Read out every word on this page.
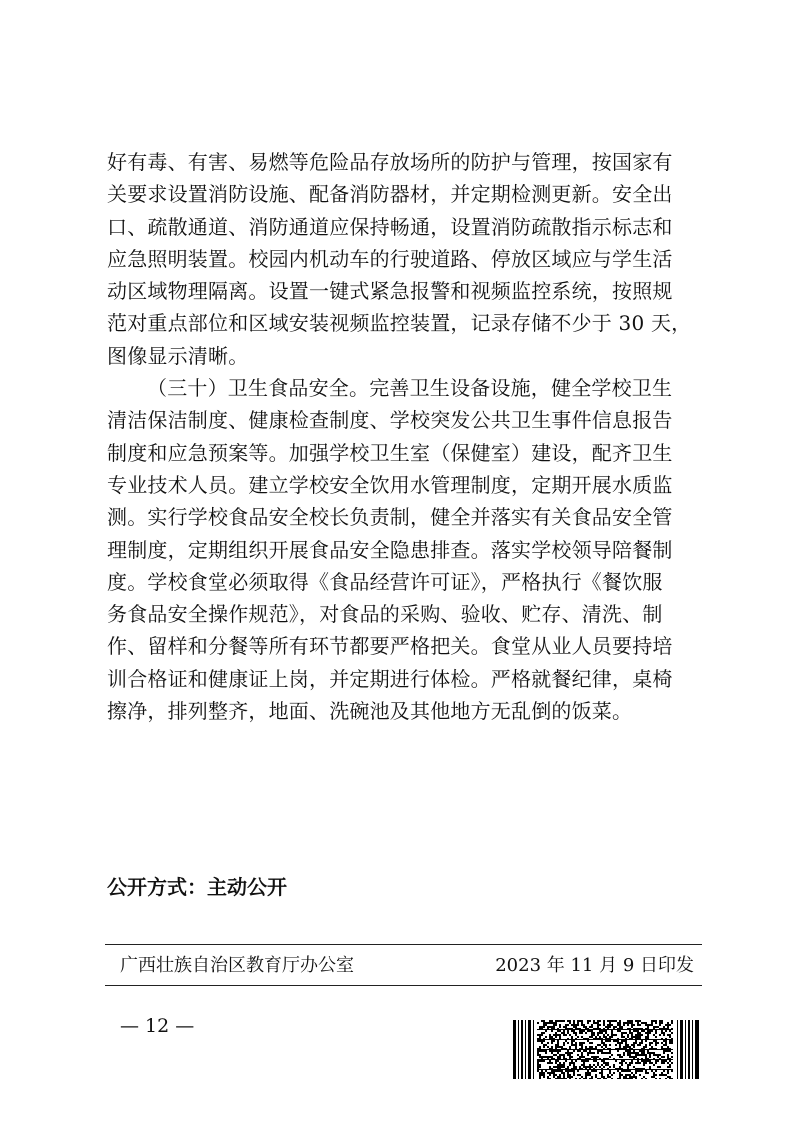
好有毒、有害、易燃等危险品存放场所的防护与管理，按国家有
关要求设置消防设施、配备消防器材，并定期检测更新。安全出
口、疏散通道、消防通道应保持畅通，设置消防疏散指示标志和
应急照明装置。校园内机动车的行驶道路、停放区域应与学生活
动区域物理隔离。设置一键式紧急报警和视频监控系统，按照规
范对重点部位和区域安装视频监控装置，记录存储不少于 30 天，
图像显示清晰。
（三十）卫生食品安全。完善卫生设备设施，健全学校卫生
清洁保洁制度、健康检查制度、学校突发公共卫生事件信息报告
制度和应急预案等。加强学校卫生室（保健室）建设，配齐卫生
专业技术人员。建立学校安全饮用水管理制度，定期开展水质监
测。实行学校食品安全校长负责制，健全并落实有关食品安全管
理制度，定期组织开展食品安全隐患排查。落实学校领导陪餐制
度。学校食堂必须取得《食品经营许可证》，严格执行《餐饮服
务食品安全操作规范》，对食品的采购、验收、贮存、清洗、制
作、留样和分餐等所有环节都要严格把关。食堂从业人员要持培
训合格证和健康证上岗，并定期进行体检。严格就餐纪律，桌椅
擦净，排列整齐，地面、洗碗池及其他地方无乱倒的饭菜。
公开方式：主动公开
广西壮族自治区教育厅办公室	2023 年 11 月 9 日印发
— 12 —
